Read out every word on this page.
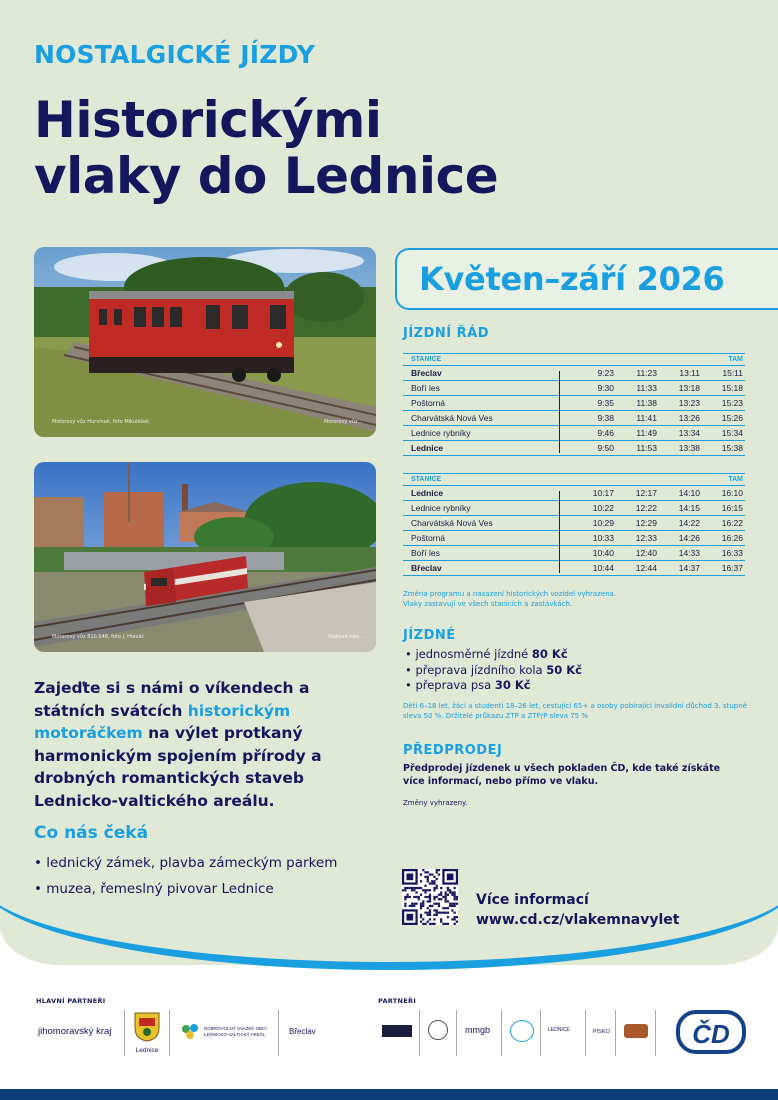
NOSTALGICKÉ JÍZDY
Historickými
vlaky do Lednice
Motorový vůz Hurvínek, foto Mikulášek	Motorový vůz...
Motorový vůz 810.548, foto J. Hlaváč	Vlakové foto...
Květen–září 2026
JÍZDNÍ ŘÁD
STANICE					TAM
Břeclav		9:23	11:23	13:11	15:11
Boří les		9:30	11:33	13:18	15:18
Poštorná		9:35	11:38	13:23	15:23
Charvátská Nová Ves		9:38	11:41	13:26	15:26
Lednice rybníky		9:46	11:49	13:34	15:34
Lednice		9:50	11:53	13:38	15:38
STANICE					TAM
Lednice		10:17	12:17	14:10	16:10
Lednice rybníky		10:22	12:22	14:15	16:15
Charvátská Nová Ves		10:29	12:29	14:22	16:22
Poštorná		10:33	12:33	14:26	16:26
Boří les		10:40	12:40	14:33	16:33
Břeclav		10:44	12:44	14:37	16:37
Změna programu a nasazení historických vozidel vyhrazena.
Vlaky zastavují ve všech stanicích a zastávkách.
JÍZDNÉ
• jednosměrné jízdné 80 Kč
• přeprava jízdního kola 50 Kč
• přeprava psa 30 Kč
Děti 6–18 let, žáci a studenti 18–26 let, cestující 65+ a osoby pobírající invalidní důchod 3. stupně
sleva 50 %. Držitelé průkazu ZTP a ZTP/P sleva 75 %
PŘEDPRODEJ
Předprodej jízdenek u všech pokladen ČD, kde také získáte více informací, nebo přímo ve vlaku.
Změny vyhrazeny.
Zajeďte si s námi o víkendech a státních svátcích historickým motoráčkem na výlet protkaný harmonickým spojením přírody a drobných romantických staveb Lednicko-valtického areálu.
Co nás čeká
• lednický zámek, plavba zámeckým parkem
• muzea, řemeslný pivovar Lednice
Více informací
www.cd.cz/vlakemnavylet
HLAVNÍ PARTNEŘI	PARTNEŘI
jihomoravský kraj
Lednice
DOBROVOLNÝ SVAZEK OBCÍ
LEDNICKO-VALTICKÝ AREÁL	Břeclav	mmgb	LEDNICE	PÍSKO	ČD
